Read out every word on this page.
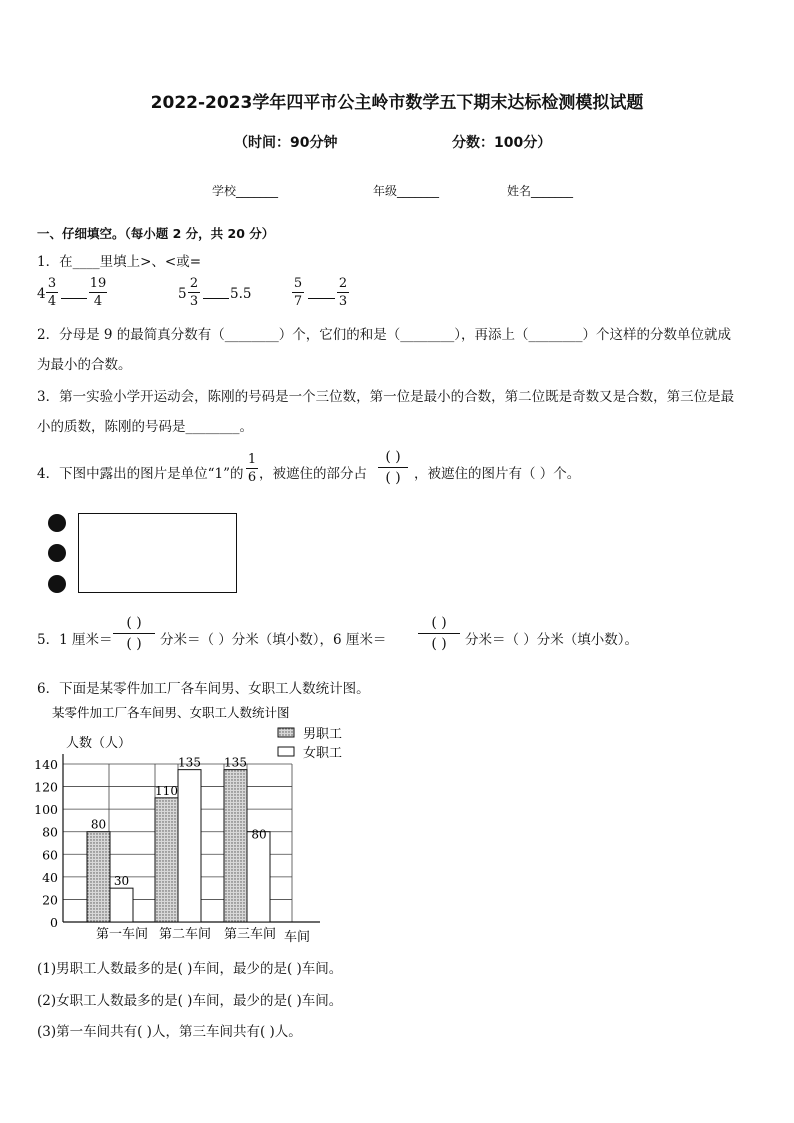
2022-2023学年四平市公主岭市数学五下期末达标检测模拟试题
（时间：90分钟	分数：100分）
学校_______	年级_______	姓名_______
一、仔细填空。（每小题 2 分，共 20 分）
1．在____里填上>、<或=
4
3
4
19
4	5
2
3 5.5
5
7
2
3
2．分母是 9 的最简真分数有（________）个，它们的和是（________），再添上（________）个这样的分数单位就成
为最小的合数。
3．第一实验小学开运动会，陈刚的号码是一个三位数，第一位是最小的合数，第二位既是奇数又是合数，第三位是最
小的质数，陈刚的号码是________。
4．下图中露出的图片是单位“1”的
1
6 ，被遮住的部分占
( )
( ) ，被遮住的图片有（ ）个。
5．1 厘米＝
( )
( )	分米＝（ ）分米（填小数），6 厘米＝
( )
( )	分米＝（ ）分米（填小数）。
6．下面是某零件加工厂各车间男、女职工人数统计图。
某零件加工厂各车间男、女职工人数统计图
人数（人）
车间
0
20
40
60
80
100
120
140
80
30
110
135 135
80
第一车间 第二车间 第三车间
男职工
女职工
(1)男职工人数最多的是( )车间，最少的是( )车间。
(2)女职工人数最多的是( )车间，最少的是( )车间。
(3)第一车间共有( )人，第三车间共有( )人。
